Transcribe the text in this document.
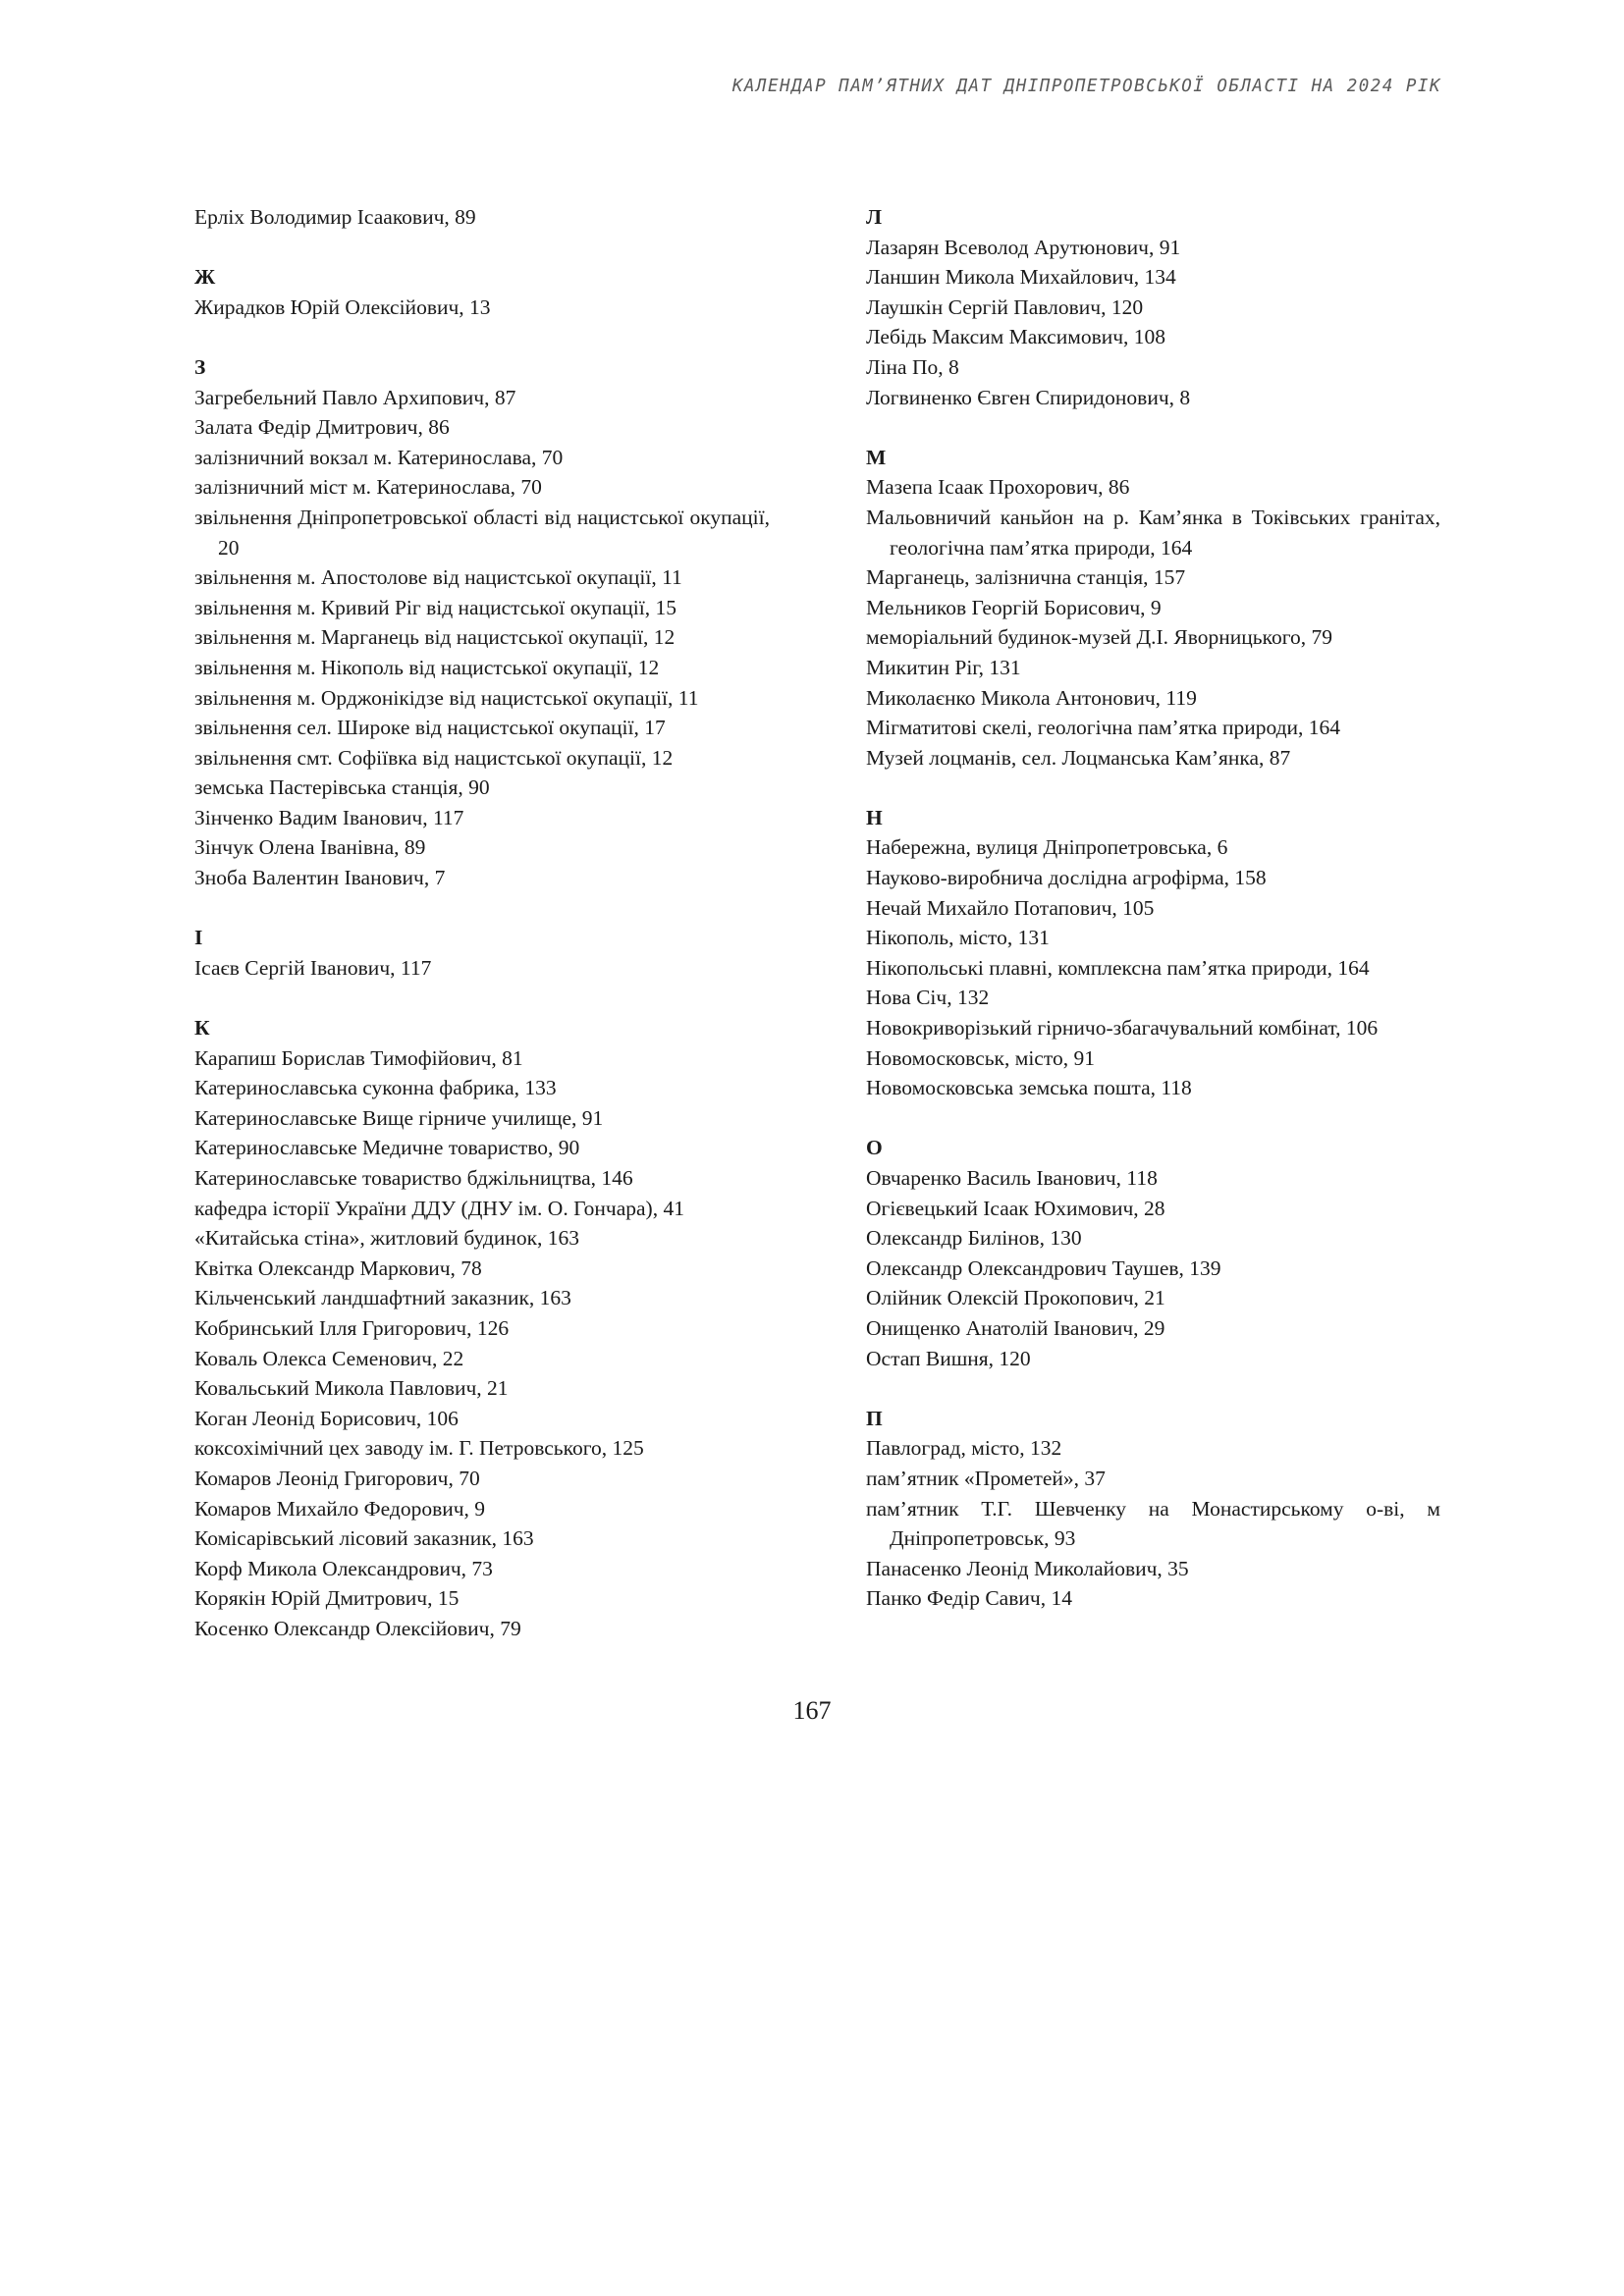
КАЛЕНДАР ПАМ’ЯТНИХ ДАТ ДНІПРОПЕТРОВСЬКОЇ ОБЛАСТІ НА 2024 РІК
Ерліх Володимир Ісаакович, 89
Ж
Жирадков Юрій Олексійович, 13
З
Загребельний Павло Архипович, 87
Залата Федір Дмитрович, 86
залізничний вокзал м. Катеринослава, 70
залізничний міст м. Катеринослава, 70
звільнення Дніпропетровської області від нацистської окупації, 20
звільнення м. Апостолове від нацистської окупації, 11
звільнення м. Кривий Ріг від нацистської окупації, 15
звільнення м. Марганець від нацистської окупації, 12
звільнення м. Нікополь від нацистської окупації, 12
звільнення м. Орджонікідзе від нацистської окупації, 11
звільнення сел. Широке від нацистської окупації, 17
звільнення смт. Софіївка від нацистської окупації, 12
земська Пастерівська станція, 90
Зінченко Вадим Іванович, 117
Зінчук Олена Іванівна, 89
Зноба Валентин Іванович, 7
І
Ісаєв Сергій Іванович, 117
К
Карапиш Борислав Тимофійович, 81
Катеринославська суконна фабрика, 133
Катеринославське Вище гірниче училище, 91
Катеринославське Медичне товариство, 90
Катеринославське товариство бджільництва, 146
кафедра історії України ДДУ (ДНУ ім. О. Гончара), 41
«Китайська стіна», житловий будинок, 163
Квітка Олександр Маркович, 78
Кільченський ландшафтний заказник, 163
Кобринський Ілля Григорович, 126
Коваль Олекса Семенович, 22
Ковальський Микола Павлович, 21
Коган Леонід Борисович, 106
коксохімічний цех заводу ім. Г. Петровського, 125
Комаров Леонід Григорович, 70
Комаров Михайло Федорович, 9
Комісарівський лісовий заказник, 163
Корф Микола Олександрович, 73
Корякін Юрій Дмитрович, 15
Косенко Олександр Олексійович, 79
Л
Лазарян Всеволод Арутюнович, 91
Ланшин Микола Михайлович, 134
Лаушкін Сергій Павлович, 120
Лебідь Максим Максимович, 108
Ліна По, 8
Логвиненко Євген Спиридонович, 8
М
Мазепа Ісаак Прохорович, 86
Мальовничий каньйон на р. Кам’янка в Токівських гранітах, геологічна пам’ятка природи, 164
Марганець, залізнична станція, 157
Мельников Георгій Борисович, 9
меморіальний будинок-музей Д.І. Яворницького, 79
Микитин Ріг, 131
Миколаєнко Микола Антонович, 119
Мігматитові скелі, геологічна пам’ятка природи, 164
Музей лоцманів, сел. Лоцманська Кам’янка, 87
Н
Набережна, вулиця Дніпропетровська, 6
Науково-виробнича дослідна агрофірма, 158
Нечай Михайло Потапович, 105
Нікополь, місто, 131
Нікопольські плавні, комплексна пам’ятка природи, 164
Нова Січ, 132
Новокриворізький гірничо-збагачувальний комбінат, 106
Новомосковськ, місто, 91
Новомосковська земська пошта, 118
О
Овчаренко Василь Іванович, 118
Огієвецький Ісаак Юхимович, 28
Олександр Билінов, 130
Олександр Олександрович Таушев, 139
Олійник Олексій Прокопович, 21
Онищенко Анатолій Іванович, 29
Остап Вишня, 120
П
Павлоград, місто, 132
пам’ятник «Прометей», 37
пам’ятник Т.Г. Шевченку на Монастирському о-ві, м Дніпропетровськ, 93
Панасенко Леонід Миколайович, 35
Панко Федір Савич, 14
167
